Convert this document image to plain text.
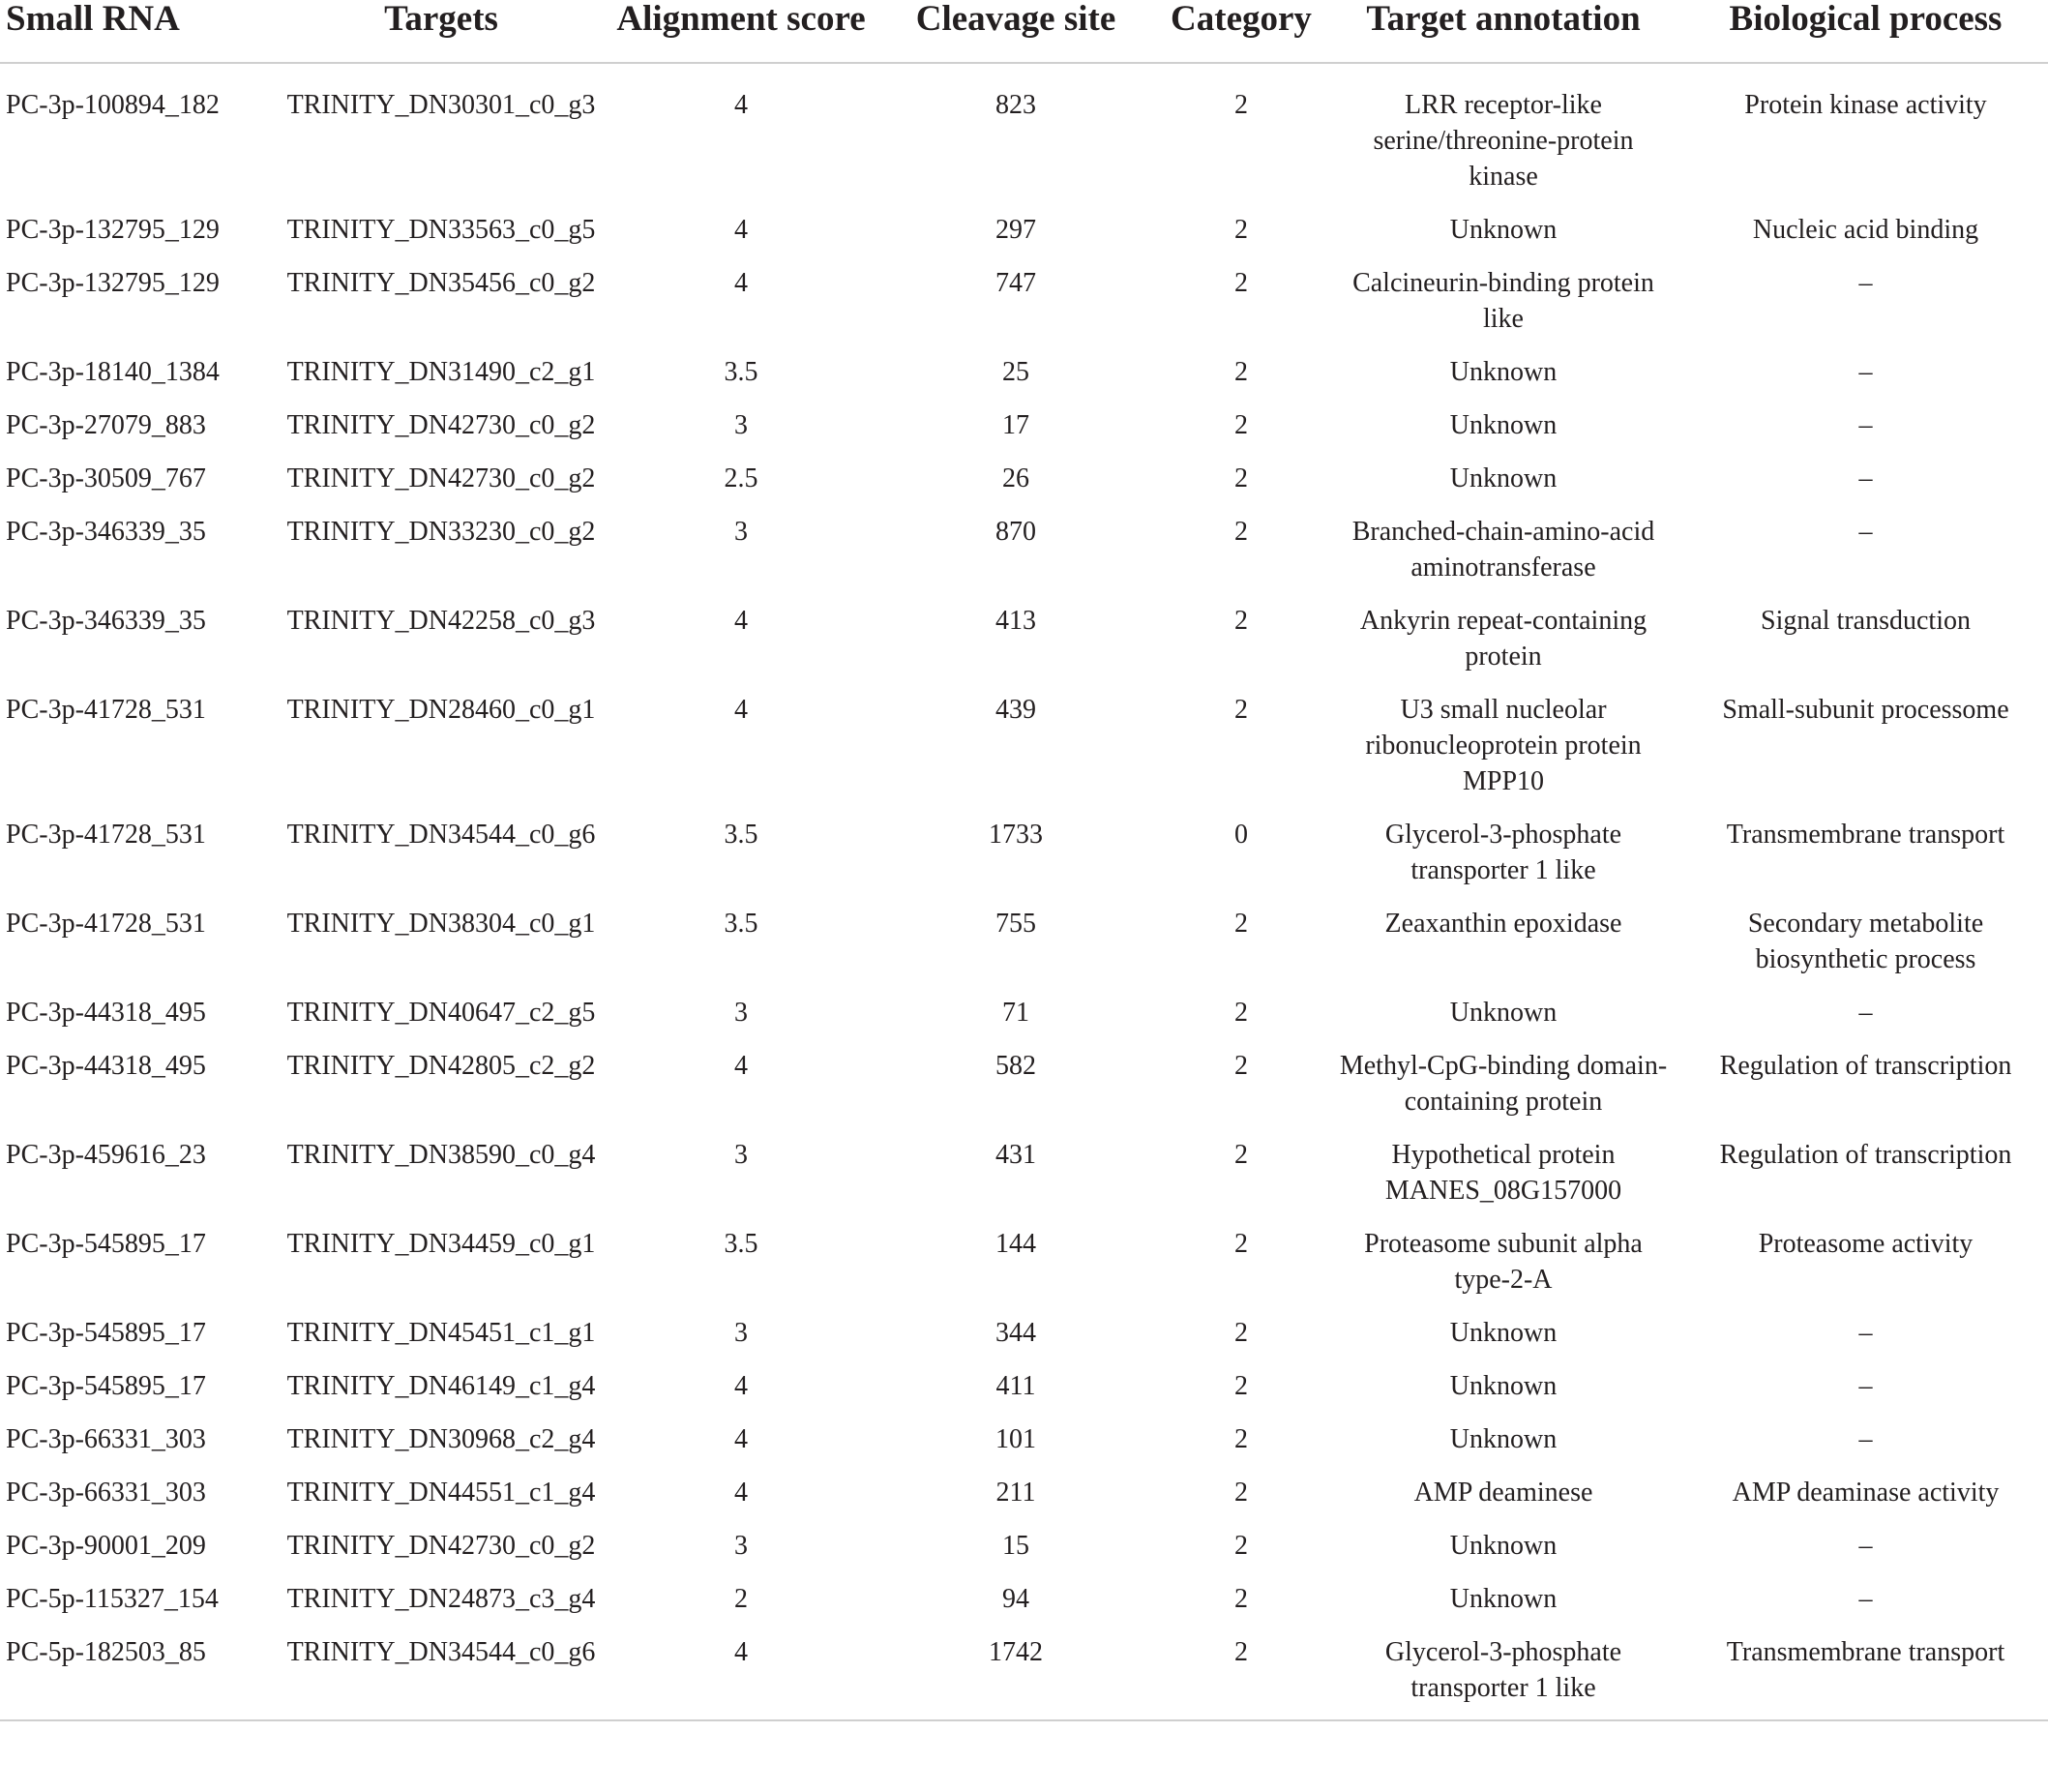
Small RNA	Targets	Alignment score	Cleavage site	Category	Target annotation	Biological process
PC-3p-100894_182	TRINITY_DN30301_c0_g3	4	823	2	LRR receptor-like serine/threonine-protein kinase	Protein kinase activity
PC-3p-132795_129	TRINITY_DN33563_c0_g5	4	297	2	Unknown	Nucleic acid binding
PC-3p-132795_129	TRINITY_DN35456_c0_g2	4	747	2	Calcineurin-binding protein like	–
PC-3p-18140_1384	TRINITY_DN31490_c2_g1	3.5	25	2	Unknown	–
PC-3p-27079_883	TRINITY_DN42730_c0_g2	3	17	2	Unknown	–
PC-3p-30509_767	TRINITY_DN42730_c0_g2	2.5	26	2	Unknown	–
PC-3p-346339_35	TRINITY_DN33230_c0_g2	3	870	2	Branched-chain-amino-acid aminotransferase	–
PC-3p-346339_35	TRINITY_DN42258_c0_g3	4	413	2	Ankyrin repeat-containing protein	Signal transduction
PC-3p-41728_531	TRINITY_DN28460_c0_g1	4	439	2	U3 small nucleolar ribonucleoprotein protein MPP10	Small-subunit processome
PC-3p-41728_531	TRINITY_DN34544_c0_g6	3.5	1733	0	Glycerol-3-phosphate transporter 1 like	Transmembrane transport
PC-3p-41728_531	TRINITY_DN38304_c0_g1	3.5	755	2	Zeaxanthin epoxidase	Secondary metabolite biosynthetic process
PC-3p-44318_495	TRINITY_DN40647_c2_g5	3	71	2	Unknown	–
PC-3p-44318_495	TRINITY_DN42805_c2_g2	4	582	2	Methyl-CpG-binding domain-containing protein	Regulation of transcription
PC-3p-459616_23	TRINITY_DN38590_c0_g4	3	431	2	Hypothetical protein MANES_08G157000	Regulation of transcription
PC-3p-545895_17	TRINITY_DN34459_c0_g1	3.5	144	2	Proteasome subunit alpha type-2-A	Proteasome activity
PC-3p-545895_17	TRINITY_DN45451_c1_g1	3	344	2	Unknown	–
PC-3p-545895_17	TRINITY_DN46149_c1_g4	4	411	2	Unknown	–
PC-3p-66331_303	TRINITY_DN30968_c2_g4	4	101	2	Unknown	–
PC-3p-66331_303	TRINITY_DN44551_c1_g4	4	211	2	AMP deaminese	AMP deaminase activity
PC-3p-90001_209	TRINITY_DN42730_c0_g2	3	15	2	Unknown	–
PC-5p-115327_154	TRINITY_DN24873_c3_g4	2	94	2	Unknown	–
PC-5p-182503_85	TRINITY_DN34544_c0_g6	4	1742	2	Glycerol-3-phosphate transporter 1 like	Transmembrane transport
